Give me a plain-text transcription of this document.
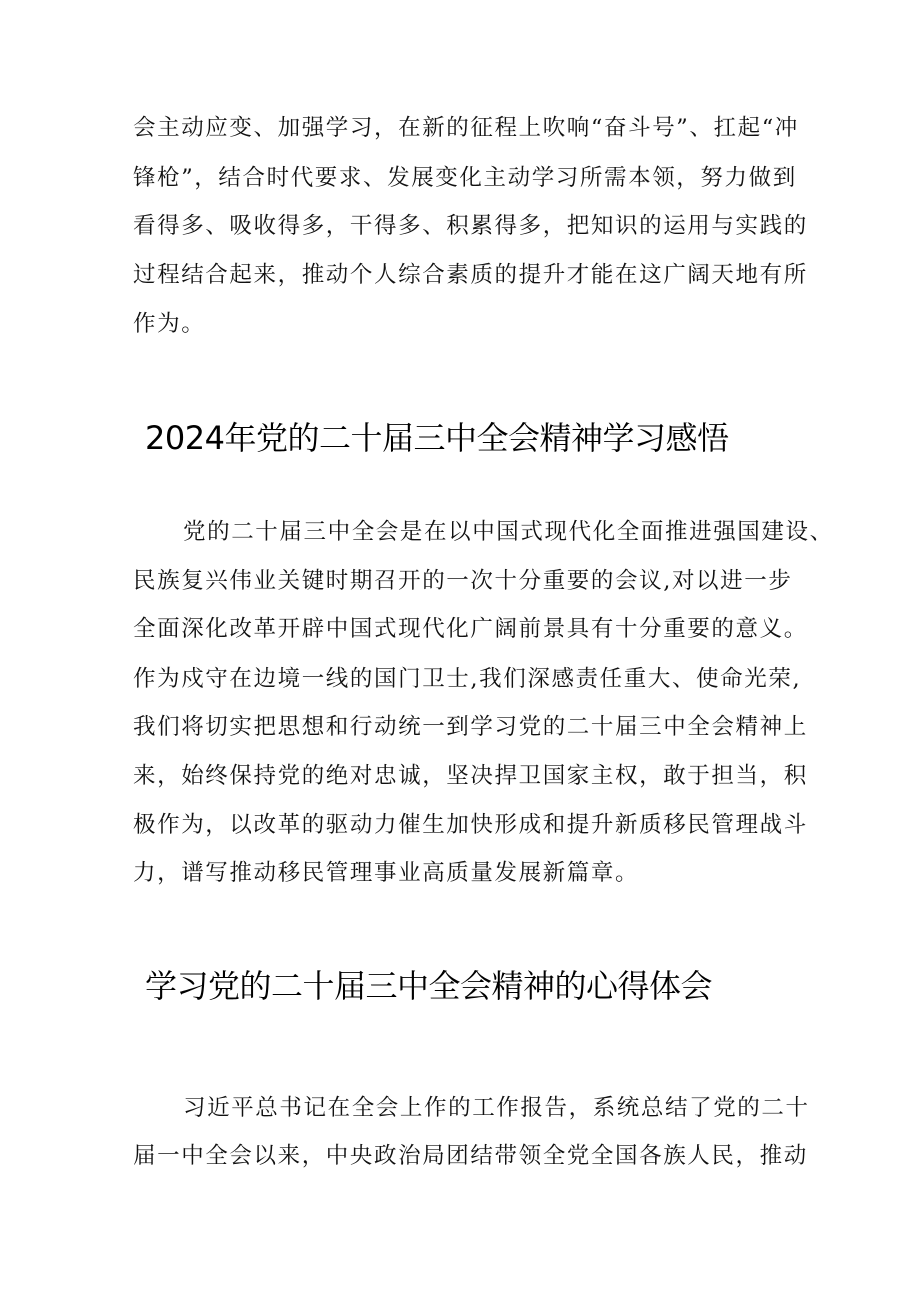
会主动应变、加强学习，在新的征程上吹响“奋斗号”、扛起“冲
锋枪”，结合时代要求、发展变化主动学习所需本领，努力做到
看得多、吸收得多，干得多、积累得多，把知识的运用与实践的
过程结合起来，推动个人综合素质的提升才能在这广阔天地有所
作为。
2024年党的二十届三中全会精神学习感悟
党的二十届三中全会是在以中国式现代化全面推进强国建设、
民族复兴伟业关键时期召开的一次十分重要的会议,对以进一步
全面深化改革开辟中国式现代化广阔前景具有十分重要的意义。
作为戍守在边境一线的国门卫士,我们深感责任重大、使命光荣,
我们将切实把思想和行动统一到学习党的二十届三中全会精神上
来，始终保持党的绝对忠诚，坚决捍卫国家主权，敢于担当，积
极作为，以改革的驱动力催生加快形成和提升新质移民管理战斗
力，谱写推动移民管理事业高质量发展新篇章。
学习党的二十届三中全会精神的心得体会
习近平总书记在全会上作的工作报告，系统总结了党的二十
届一中全会以来，中央政治局团结带领全党全国各族人民，推动
